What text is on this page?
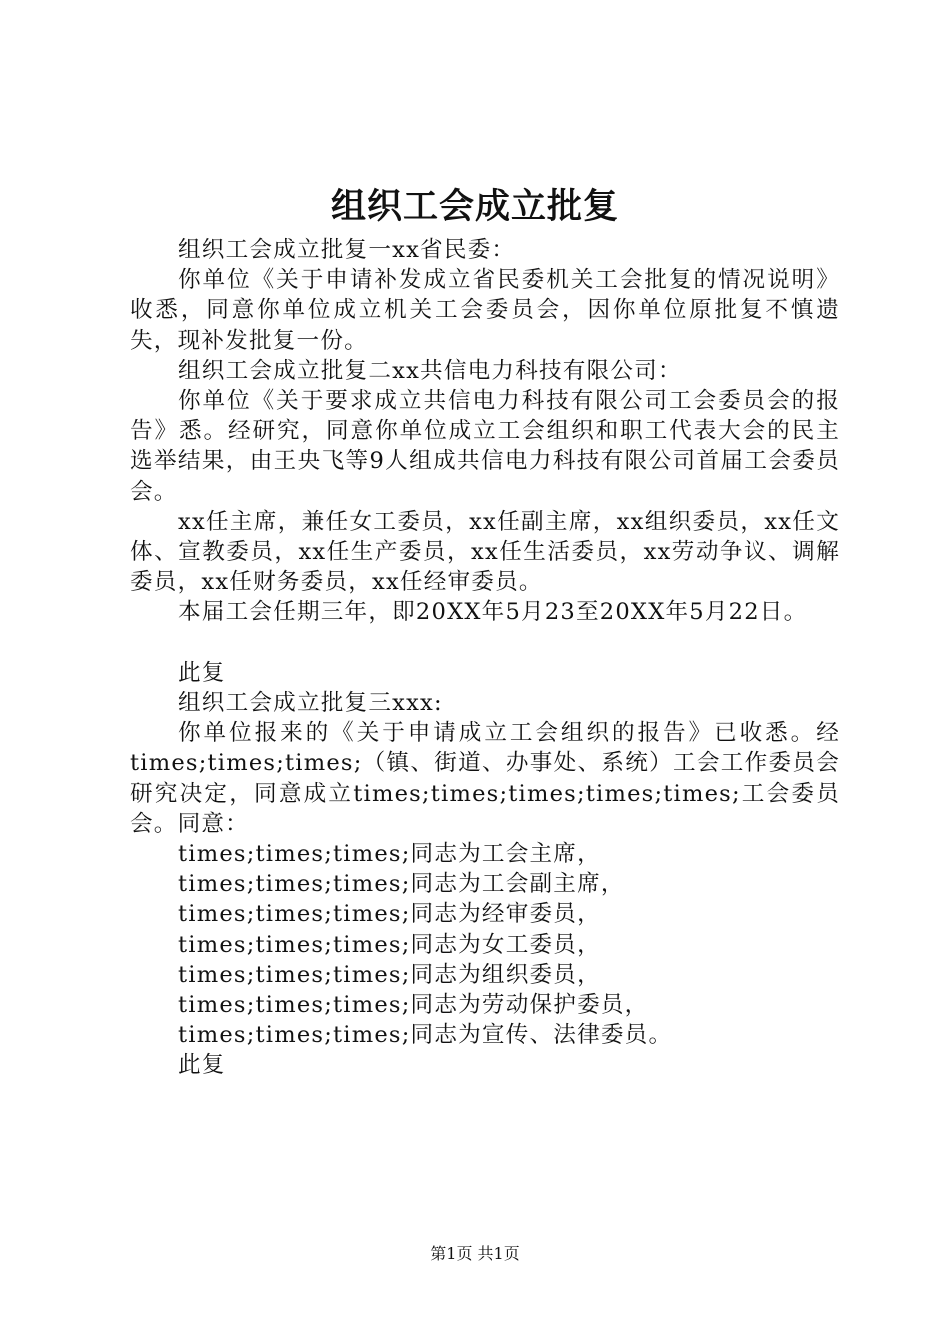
组织工会成立批复

组织工会成立批复一xx省民委：

你单位《关于申请补发成立省民委机关工会批复的情况说明》收悉，同意你单位成立机关工会委员会，因你单位原批复不慎遗失，现补发批复一份。

组织工会成立批复二xx共信电力科技有限公司：

你单位《关于要求成立共信电力科技有限公司工会委员会的报告》悉。经研究，同意你单位成立工会组织和职工代表大会的民主选举结果，由王央飞等9人组成共信电力科技有限公司首届工会委员会。

xx任主席，兼任女工委员，xx任副主席，xx组织委员，xx任文体、宣教委员，xx任生产委员，xx任生活委员，xx劳动争议、调解委员，xx任财务委员，xx任经审委员。

本届工会任期三年，即20XX年5月23至20XX年5月22日。

此复

组织工会成立批复三xxx:

你单位报来的《关于申请成立工会组织的报告》已收悉。经times;times;times;（镇、街道、办事处、系统）工会工作委员会研究决定，同意成立times;times;times;times;times;工会委员会。同意：

times;times;times;同志为工会主席，

times;times;times;同志为工会副主席，

times;times;times;同志为经审委员，

times;times;times;同志为女工委员，

times;times;times;同志为组织委员，

times;times;times;同志为劳动保护委员，

times;times;times;同志为宣传、法律委员。

此复

第1页 共1页
